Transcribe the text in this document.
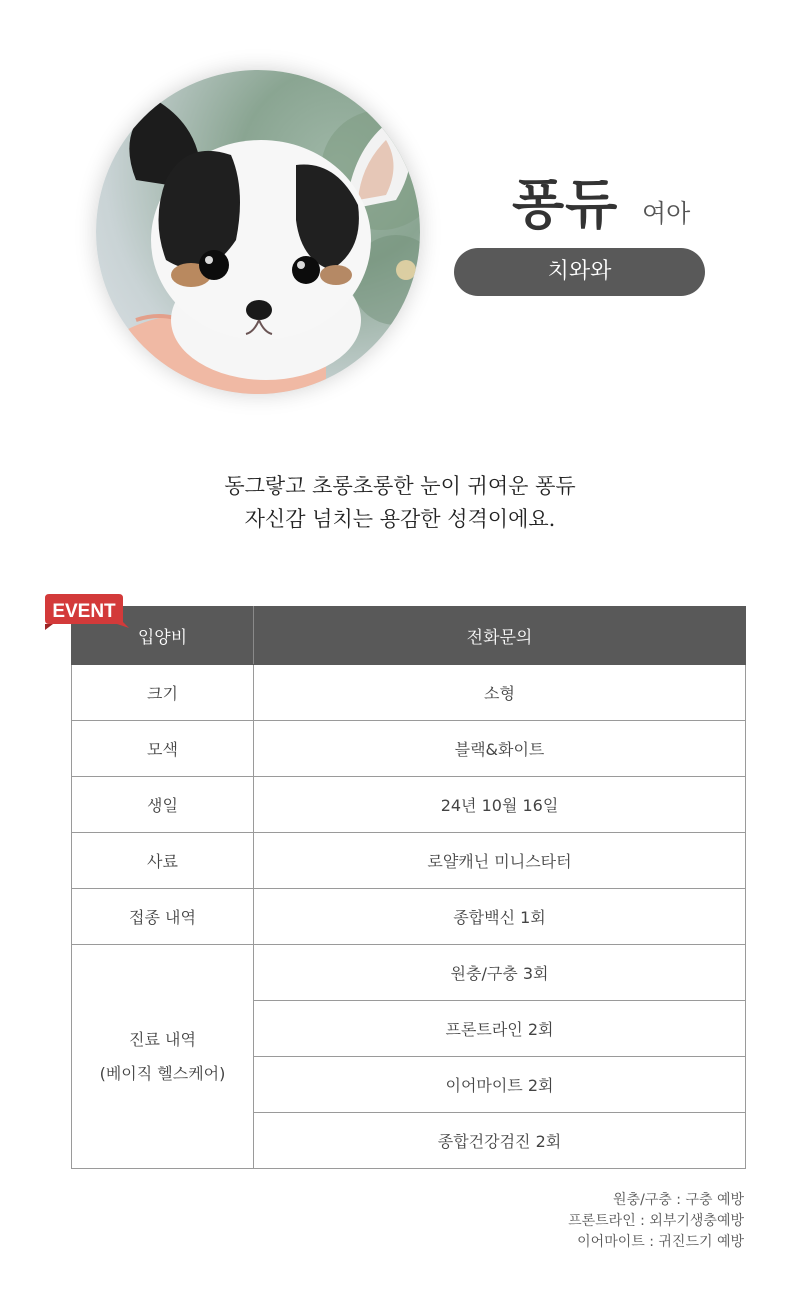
퐁듀 여아
치와와
동그랗고 초롱초롱한 눈이 귀여운 퐁듀
자신감 넘치는 용감한 성격이에요.
입양비	전화문의
크기	소형
모색	블랙&화이트
생일	24년 10월 16일
사료	로얄캐닌 미니스타터
접종 내역	종합백신 1회

진료 내역
(베이직 헬스케어)	원충/구충 3회
	프론트라인 2회
	이어마이트 2회
	종합건강검진 2회
EVENT
원충/구충 : 구충 예방
프론트라인 : 외부기생충예방
이어마이트 : 귀진드기 예방
